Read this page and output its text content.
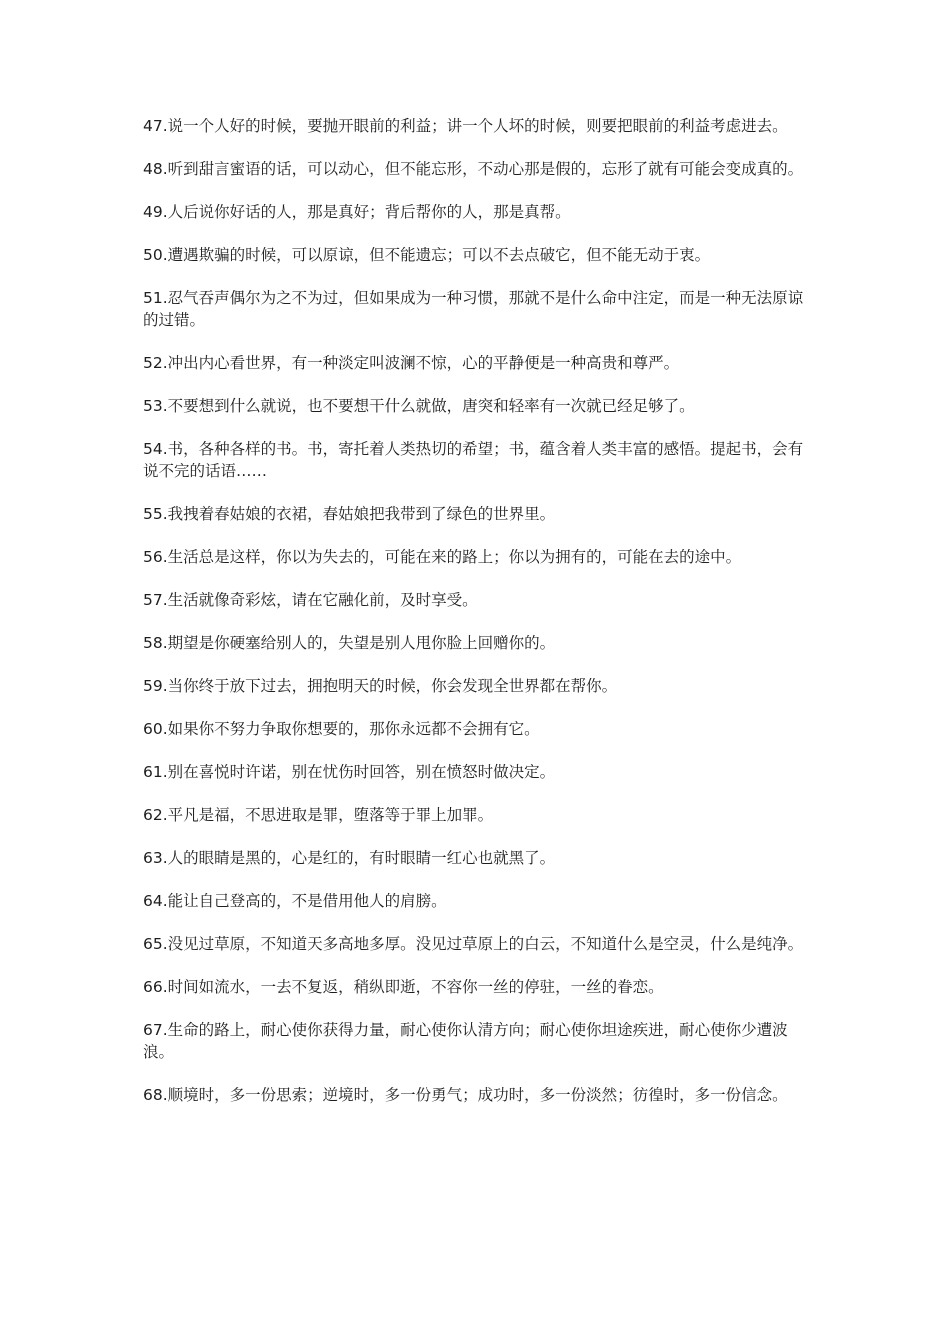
47.说一个人好的时候，要抛开眼前的利益；讲一个人坏的时候，则要把眼前的利益考虑进去。

48.听到甜言蜜语的话，可以动心，但不能忘形，不动心那是假的，忘形了就有可能会变成真的。

49.人后说你好话的人，那是真好；背后帮你的人，那是真帮。

50.遭遇欺骗的时候，可以原谅，但不能遗忘；可以不去点破它，但不能无动于衷。

51.忍气吞声偶尔为之不为过，但如果成为一种习惯，那就不是什么命中注定，而是一种无法原谅的过错。

52.冲出内心看世界，有一种淡定叫波澜不惊，心的平静便是一种高贵和尊严。

53.不要想到什么就说，也不要想干什么就做，唐突和轻率有一次就已经足够了。

54.书，各种各样的书。书，寄托着人类热切的希望；书，蕴含着人类丰富的感悟。提起书，会有说不完的话语……

55.我拽着春姑娘的衣裙，春姑娘把我带到了绿色的世界里。

56.生活总是这样，你以为失去的，可能在来的路上；你以为拥有的，可能在去的途中。

57.生活就像奇彩炫，请在它融化前，及时享受。

58.期望是你硬塞给别人的，失望是别人甩你脸上回赠你的。

59.当你终于放下过去，拥抱明天的时候，你会发现全世界都在帮你。

60.如果你不努力争取你想要的，那你永远都不会拥有它。

61.别在喜悦时许诺，别在忧伤时回答，别在愤怒时做决定。

62.平凡是福，不思进取是罪，堕落等于罪上加罪。

63.人的眼睛是黑的，心是红的，有时眼睛一红心也就黑了。

64.能让自己登高的，不是借用他人的肩膀。

65.没见过草原，不知道天多高地多厚。没见过草原上的白云，不知道什么是空灵，什么是纯净。

66.时间如流水，一去不复返，稍纵即逝，不容你一丝的停驻，一丝的眷恋。

67.生命的路上，耐心使你获得力量，耐心使你认清方向；耐心使你坦途疾进，耐心使你少遭波浪。

68.顺境时，多一份思索；逆境时，多一份勇气；成功时，多一份淡然；彷徨时，多一份信念。
